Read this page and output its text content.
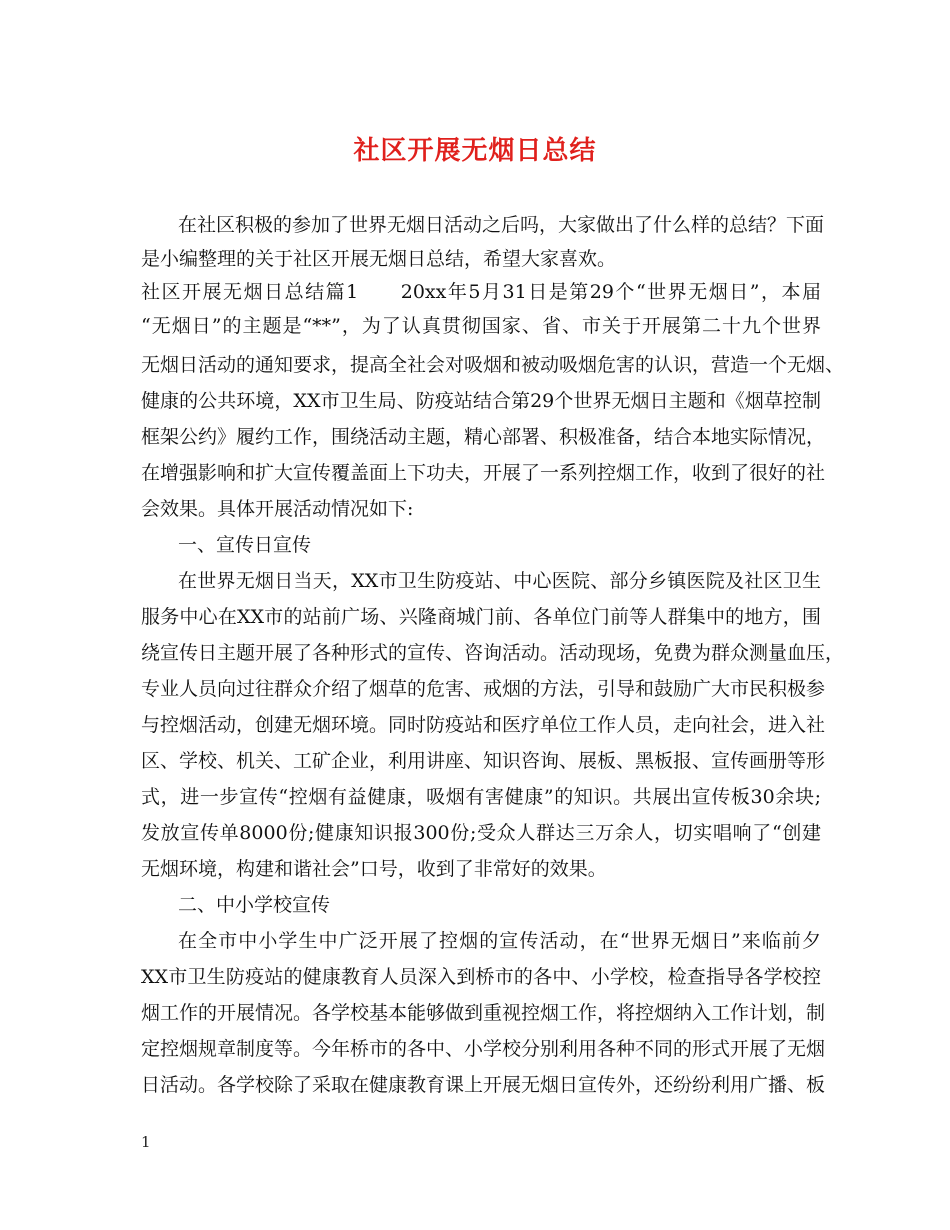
社区开展无烟日总结
在社区积极的参加了世界无烟日活动之后吗，大家做出了什么样的总结？下面
是小编整理的关于社区开展无烟日总结，希望大家喜欢。
社区开展无烟日总结篇1　　20xx年5月31日是第29个“世界无烟日”，本届
“无烟日”的主题是“**”，为了认真贯彻国家、省、市关于开展第二十九个世界
无烟日活动的通知要求，提高全社会对吸烟和被动吸烟危害的认识，营造一个无烟、
健康的公共环境，XX市卫生局、防疫站结合第29个世界无烟日主题和《烟草控制
框架公约》履约工作，围绕活动主题，精心部署、积极准备，结合本地实际情况，
在增强影响和扩大宣传覆盖面上下功夫，开展了一系列控烟工作，收到了很好的社
会效果。具体开展活动情况如下:
一、宣传日宣传
在世界无烟日当天，XX市卫生防疫站、中心医院、部分乡镇医院及社区卫生
服务中心在XX市的站前广场、兴隆商城门前、各单位门前等人群集中的地方，围
绕宣传日主题开展了各种形式的宣传、咨询活动。活动现场，免费为群众测量血压，
专业人员向过往群众介绍了烟草的危害、戒烟的方法，引导和鼓励广大市民积极参
与控烟活动，创建无烟环境。同时防疫站和医疗单位工作人员，走向社会，进入社
区、学校、机关、工矿企业，利用讲座、知识咨询、展板、黑板报、宣传画册等形
式，进一步宣传“控烟有益健康，吸烟有害健康”的知识。共展出宣传板30余块;
发放宣传单8000份;健康知识报300份;受众人群达三万余人，切实唱响了“创建
无烟环境，构建和谐社会”口号，收到了非常好的效果。
二、中小学校宣传
在全市中小学生中广泛开展了控烟的宣传活动，在“世界无烟日”来临前夕
XX市卫生防疫站的健康教育人员深入到桥市的各中、小学校，检查指导各学校控
烟工作的开展情况。各学校基本能够做到重视控烟工作，将控烟纳入工作计划，制
定控烟规章制度等。今年桥市的各中、小学校分别利用各种不同的形式开展了无烟
日活动。各学校除了采取在健康教育课上开展无烟日宣传外，还纷纷利用广播、板
1
